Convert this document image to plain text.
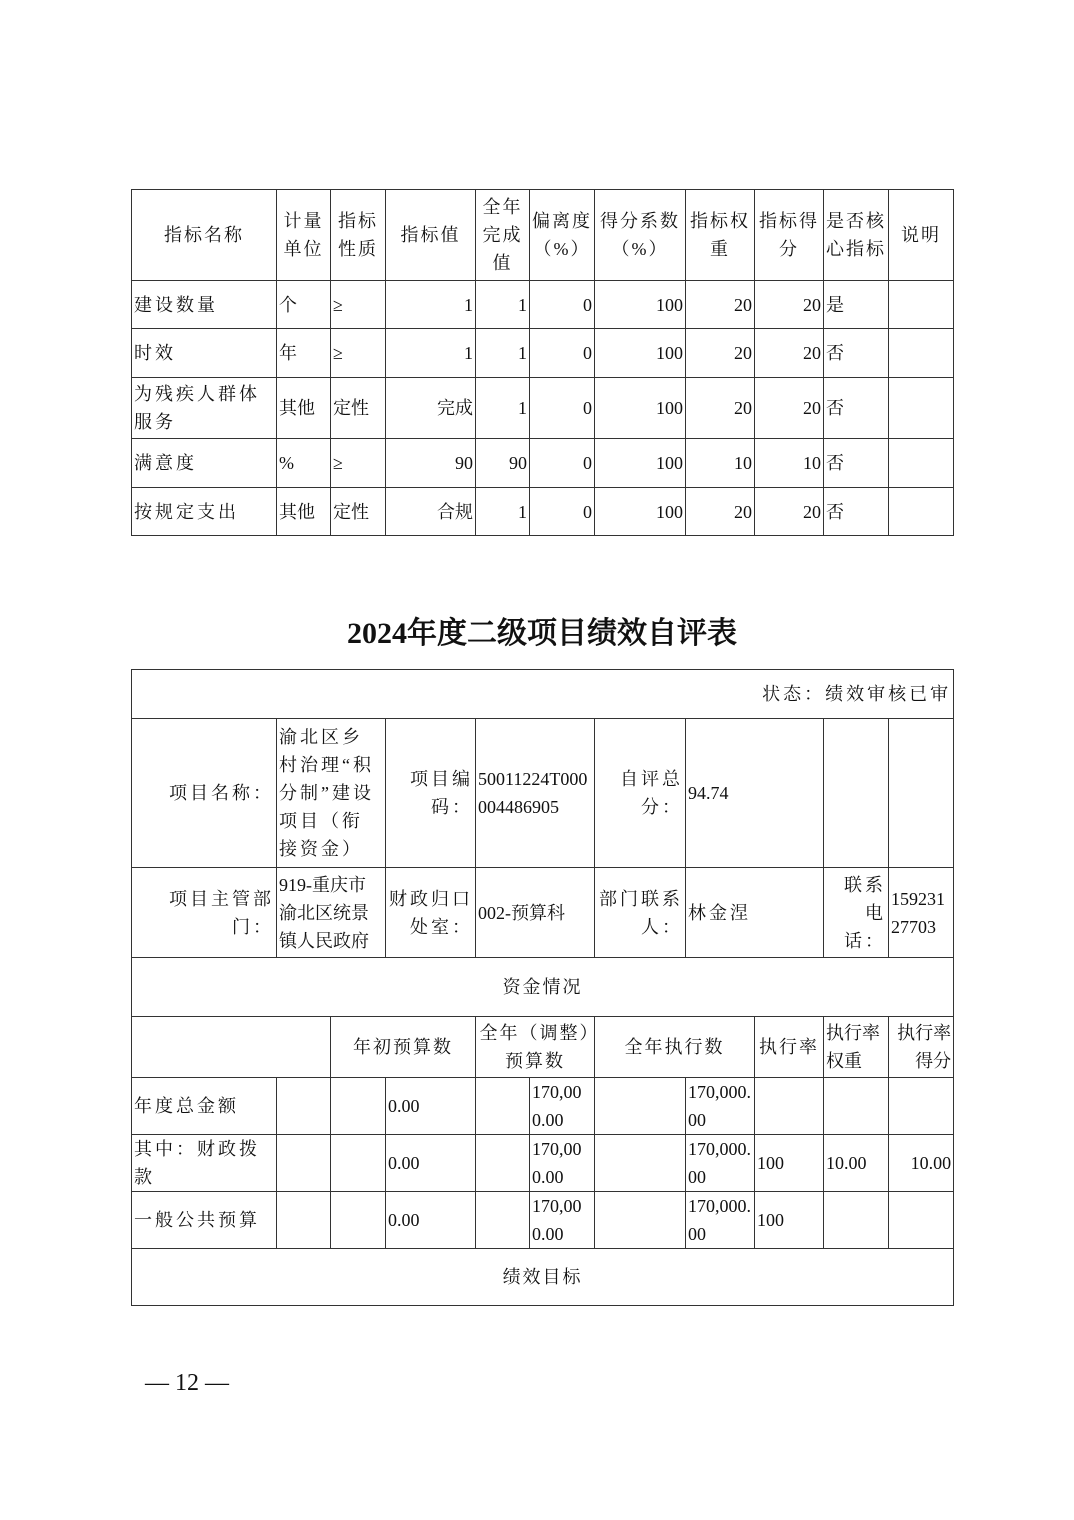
指标名称	计量单位	指标性质	指标值	全年完成值	偏离度（%）	得分系数（%）	指标权重	指标得分	是否核心指标	说明
建设数量	个	≥	1	1	0	100	20	20	是	
时效	年	≥	1	1	0	100	20	20	否	
为残疾人群体服务	其他	定性	完成	1	0	100	20	20	否	
满意度	%	≥	90	90	0	100	10	10	否	
按规定支出	其他	定性	合规	1	0	100	20	20	否	
2024年度二级项目绩效自评表
状态：绩效审核已审										
项目名称：	渝北区乡村治理“积分制”建设项目（衔接资金）		项目编码：	50011224T000004486905		自评总分：	94.74			
项目主管部门：	919-重庆市渝北区统景镇人民政府		财政归口处室：	002-预算科		部门联系人：	林金涅		联系电话：	15923127703
资金情况										
		年初预算数		全年（调整）预算数		全年执行数		执行率	执行率权重	执行率得分
年度总金额			0.00		170,000.00		170,000.00			
其中：财政拨款			0.00		170,000.00		170,000.00	100	10.00	10.00
一般公共预算			0.00		170,000.00		170,000.00	100		
绩效目标										
— 12 —
